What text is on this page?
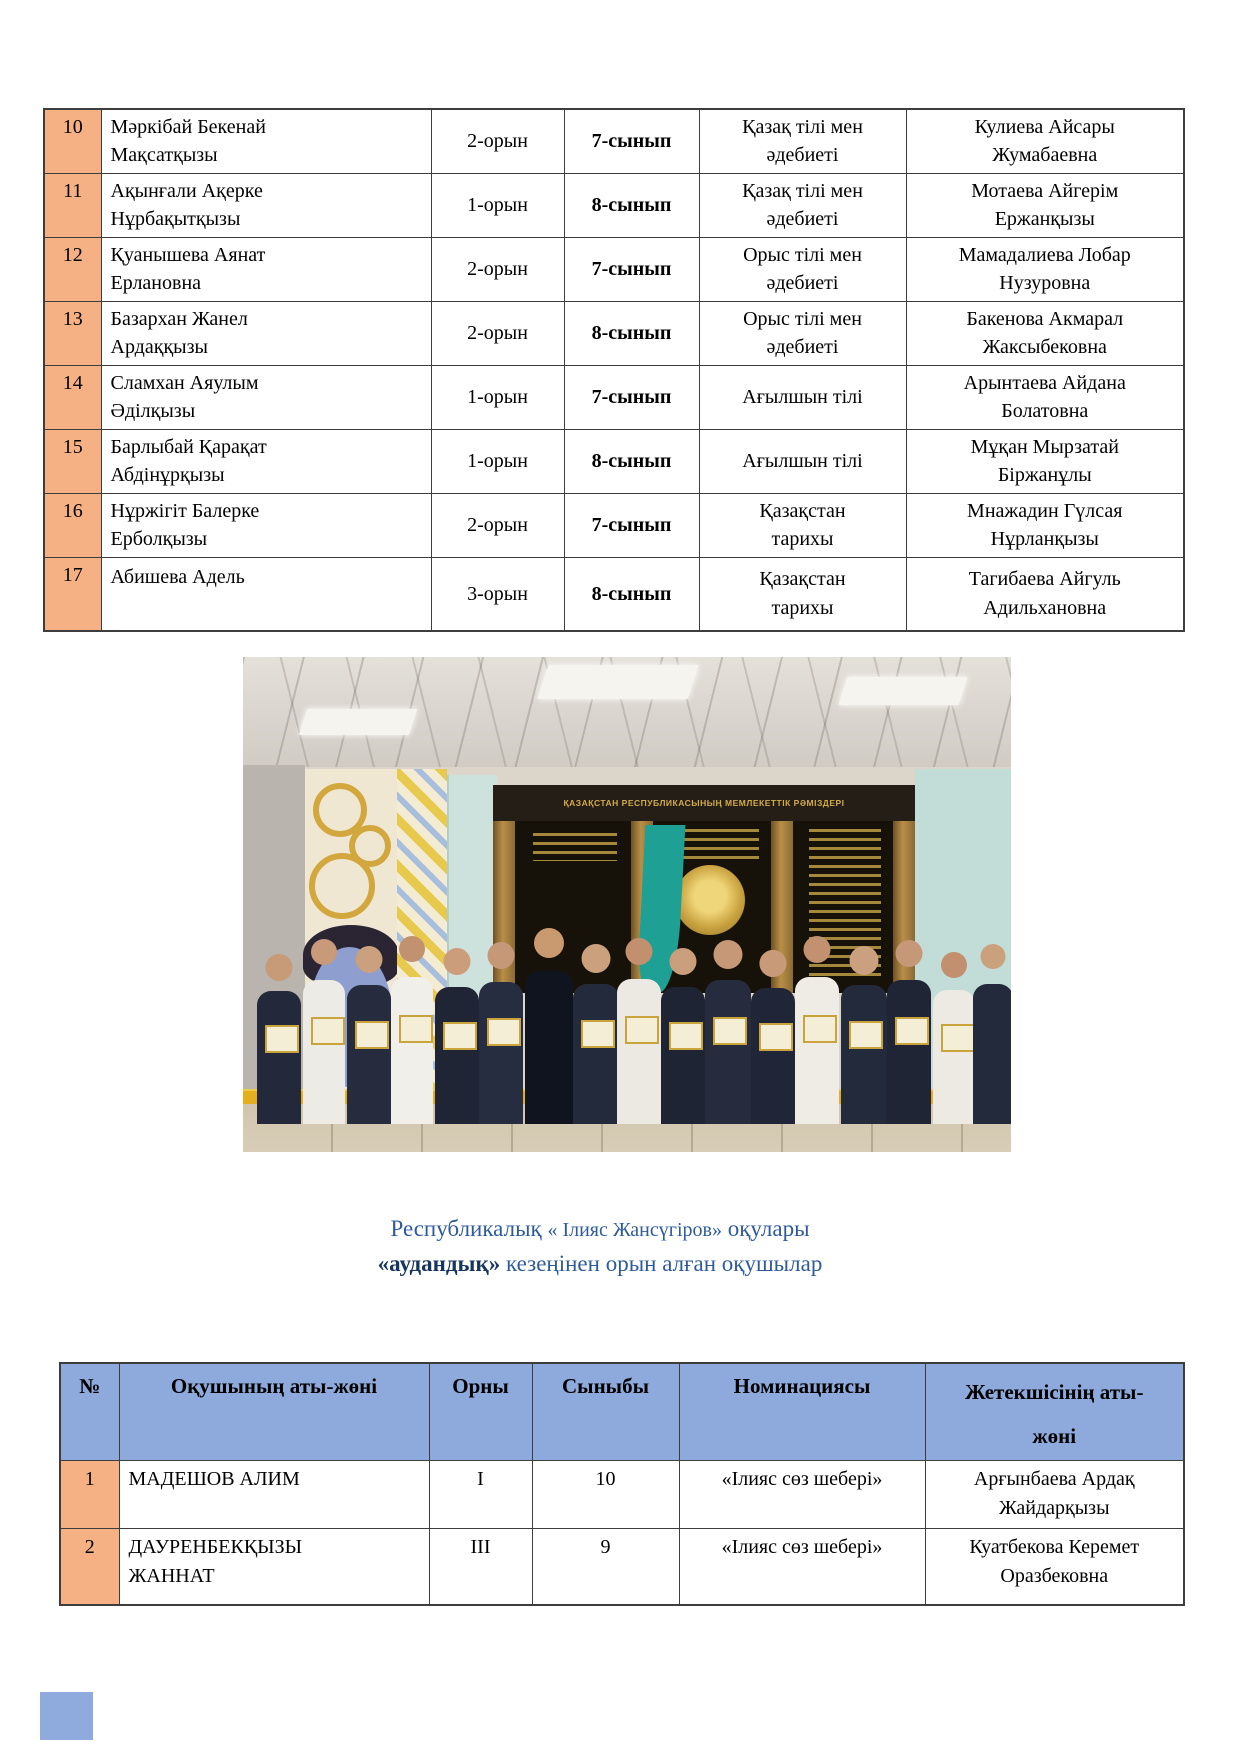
10	Мәркібай Бекенай Мақсатқызы	2-орын	7-сынып	Қазақ тілі мен әдебиеті	Кулиева Айсары Жумабаевна
11	Ақынғали Ақерке Нұрбақытқызы	1-орын	8-сынып	Қазақ тілі мен әдебиеті	Мотаева Айгерім Ержанқызы
12	Қуанышева Аянат Ерлановна	2-орын	7-сынып	Орыс тілі мен әдебиеті	Мамадалиева Лобар Нузуровна
13	Базархан Жанел Ардаққызы	2-орын	8-сынып	Орыс тілі мен әдебиеті	Бакенова Акмарал Жаксыбековна
14	Сламхан Аяулым Әділқызы	1-орын	7-сынып	Ағылшын тілі	Арынтаева Айдана Болатовна
15	Барлыбай Қарақат Абдінұрқызы	1-орын	8-сынып	Ағылшын тілі	Мұқан Мырзатай Біржанұлы
16	Нұржігіт Балерке Ерболқызы	2-орын	7-сынып	Қазақстан тарихы	Мнажадин Гүлсая Нұрланқызы
17	Абишева Адель	3-орын	8-сынып	Қазақстан тарихы	Тагибаева Айгуль Адильхановна
ҚАЗАҚСТАН РЕСПУБЛИКАСЫНЫҢ МЕМЛЕКЕТТІК РӘМІЗДЕРІ
Республикалық « Ілияс Жансүгіров» оқулары
«аудандық» кезеңінен орын алған оқушылар
№	Оқушының аты-жөні	Орны	Сыныбы	Номинациясы	Жетекшісінің аты-жөні
1	МАДЕШОВ АЛИМ	I	10	«Ілияс сөз шебері»	Арғынбаева Ардақ Жайдарқызы
2	ДАУРЕНБЕКҚЫЗЫ ЖАННАТ	III	9	«Ілияс сөз шебері»	Куатбекова Керемет Оразбековна
